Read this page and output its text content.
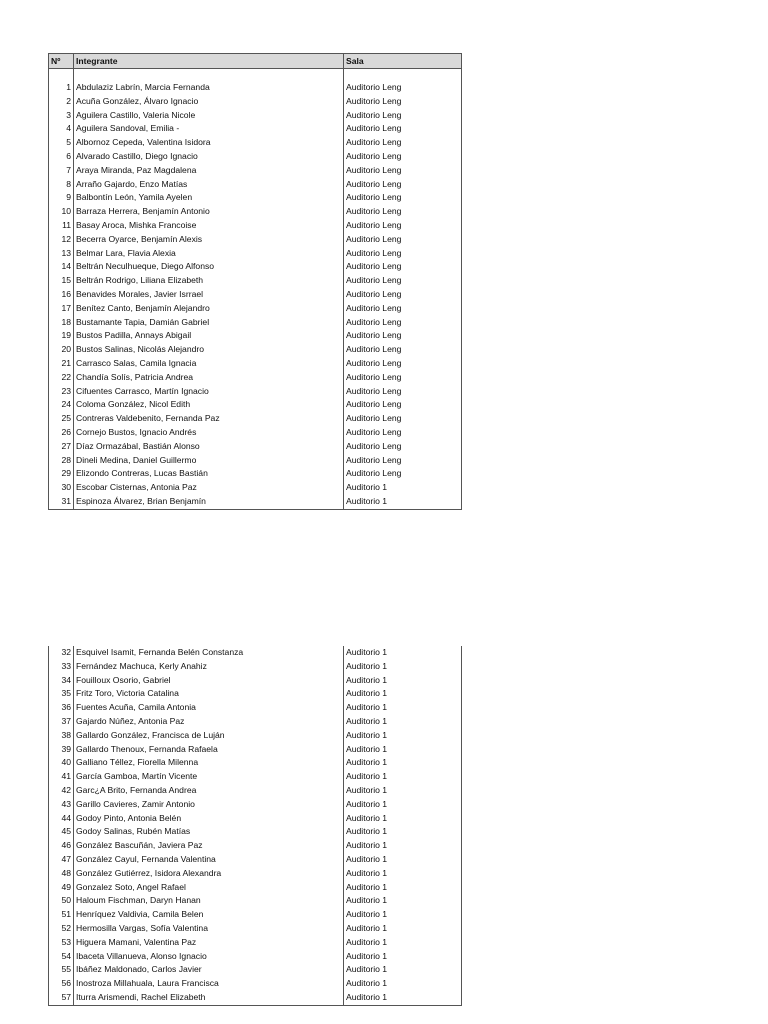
Nº	Integrante	Sala

1	Abdulaziz Labrín, Marcia Fernanda	Auditorio Leng
2	Acuña González, Álvaro Ignacio	Auditorio Leng
3	Aguilera Castillo, Valeria Nicole	Auditorio Leng
4	Aguilera Sandoval, Emilia -	Auditorio Leng
5	Albornoz Cepeda, Valentina Isidora	Auditorio Leng
6	Alvarado Castillo, Diego Ignacio	Auditorio Leng
7	Araya Miranda, Paz Magdalena	Auditorio Leng
8	Arraño Gajardo, Enzo Matías	Auditorio Leng
9	Balbontín León, Yamila Ayelen	Auditorio Leng
10	Barraza Herrera, Benjamín Antonio	Auditorio Leng
11	Basay Aroca, Mishka Francoise	Auditorio Leng
12	Becerra Oyarce, Benjamín Alexis	Auditorio Leng
13	Belmar Lara, Flavia Alexia	Auditorio Leng
14	Beltrán Neculhueque, Diego Alfonso	Auditorio Leng
15	Beltrán Rodrigo, Liliana Elizabeth	Auditorio Leng
16	Benavides Morales, Javier Isrrael	Auditorio Leng
17	Benítez Canto, Benjamín Alejandro	Auditorio Leng
18	Bustamante Tapia, Damián Gabriel	Auditorio Leng
19	Bustos Padilla, Annays Abigail	Auditorio Leng
20	Bustos Salinas, Nicolás Alejandro	Auditorio Leng
21	Carrasco Salas, Camila Ignacia	Auditorio Leng
22	Chandía Solís, Patricia Andrea	Auditorio Leng
23	Cifuentes Carrasco, Martín Ignacio	Auditorio Leng
24	Coloma González, Nicol Edith	Auditorio Leng
25	Contreras Valdebenito, Fernanda Paz	Auditorio Leng
26	Cornejo Bustos, Ignacio Andrés	Auditorio Leng
27	Díaz Ormazábal, Bastián Alonso	Auditorio Leng
28	Dineli Medina, Daniel Guillermo	Auditorio Leng
29	Elizondo Contreras, Lucas Bastián	Auditorio Leng
30	Escobar Cisternas, Antonia Paz	Auditorio 1
31	Espinoza Álvarez, Brian Benjamín	Auditorio 1
32	Esquivel Isamit, Fernanda Belén Constanza	Auditorio 1
33	Fernández Machuca, Kerly Anahiz	Auditorio 1
34	Fouilloux Osorio, Gabriel	Auditorio 1
35	Fritz Toro, Victoria Catalina	Auditorio 1
36	Fuentes Acuña, Camila Antonia	Auditorio 1
37	Gajardo Núñez, Antonia Paz	Auditorio 1
38	Gallardo González, Francisca de Luján	Auditorio 1
39	Gallardo Thenoux, Fernanda Rafaela	Auditorio 1
40	Galliano Téllez, Fiorella Milenna	Auditorio 1
41	García Gamboa, Martín Vicente	Auditorio 1
42	Garc¿A Brito, Fernanda Andrea	Auditorio 1
43	Garillo Cavieres, Zamir Antonio	Auditorio 1
44	Godoy Pinto, Antonia Belén	Auditorio 1
45	Godoy Salinas, Rubén Matías	Auditorio 1
46	González Bascuñán, Javiera Paz	Auditorio 1
47	González Cayul, Fernanda Valentina	Auditorio 1
48	González Gutiérrez, Isidora Alexandra	Auditorio 1
49	Gonzalez Soto, Angel Rafael	Auditorio 1
50	Haloum Fischman, Daryn Hanan	Auditorio 1
51	Henríquez Valdivia, Camila Belen	Auditorio 1
52	Hermosilla Vargas, Sofía Valentina	Auditorio 1
53	Higuera Mamani, Valentina Paz	Auditorio 1
54	Ibaceta Villanueva, Alonso Ignacio	Auditorio 1
55	Ibáñez Maldonado, Carlos Javier	Auditorio 1
56	Inostroza Millahuala, Laura Francisca	Auditorio 1
57	Iturra Arismendi, Rachel Elizabeth	Auditorio 1
